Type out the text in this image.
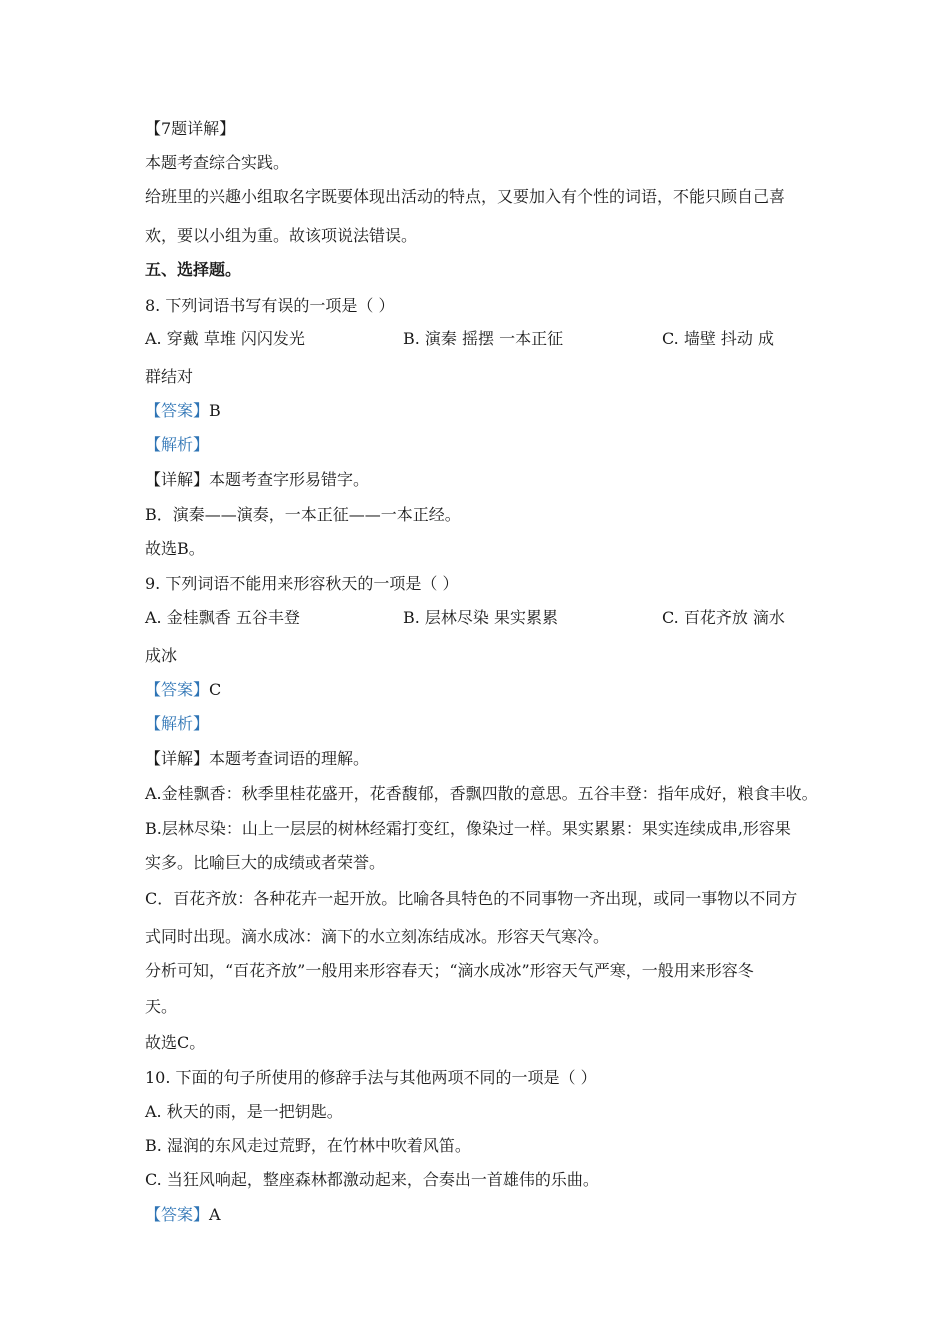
【7题详解】
本题考查综合实践。
给班里的兴趣小组取名字既要体现出活动的特点，又要加入有个性的词语，不能只顾自己喜
欢，要以小组为重。故该项说法错误。
五、选择题。
8. 下列词语书写有误的一项是（ ）
A. 穿戴 草堆 闪闪发光	B. 演秦 摇摆 一本正征	C. 墙壁 抖动 成
群结对
【答案】B
【解析】
【详解】本题考查字形易错字。
B．演秦——演奏，一本正征——一本正经。
故选B。
9. 下列词语不能用来形容秋天的一项是（ ）
A. 金桂飘香 五谷丰登	B. 层林尽染 果实累累	C. 百花齐放 滴水
成冰
【答案】C
【解析】
【详解】本题考查词语的理解。
A.金桂飘香：秋季里桂花盛开，花香馥郁，香飘四散的意思。五谷丰登：指年成好，粮食丰收。
B.层林尽染：山上一层层的树林经霜打变红，像染过一样。果实累累：果实连续成串,形容果
实多。比喻巨大的成绩或者荣誉。
C．百花齐放：各种花卉一起开放。比喻各具特色的不同事物一齐出现，或同一事物以不同方
式同时出现。滴水成冰：滴下的水立刻冻结成冰。形容天气寒冷。
分析可知，“百花齐放”一般用来形容春天；“滴水成冰”形容天气严寒，一般用来形容冬
天。
故选C。
10. 下面的句子所使用的修辞手法与其他两项不同的一项是（ ）
A. 秋天的雨，是一把钥匙。
B. 湿润的东风走过荒野，在竹林中吹着风笛。
C. 当狂风响起，整座森林都激动起来，合奏出一首雄伟的乐曲。
【答案】A
